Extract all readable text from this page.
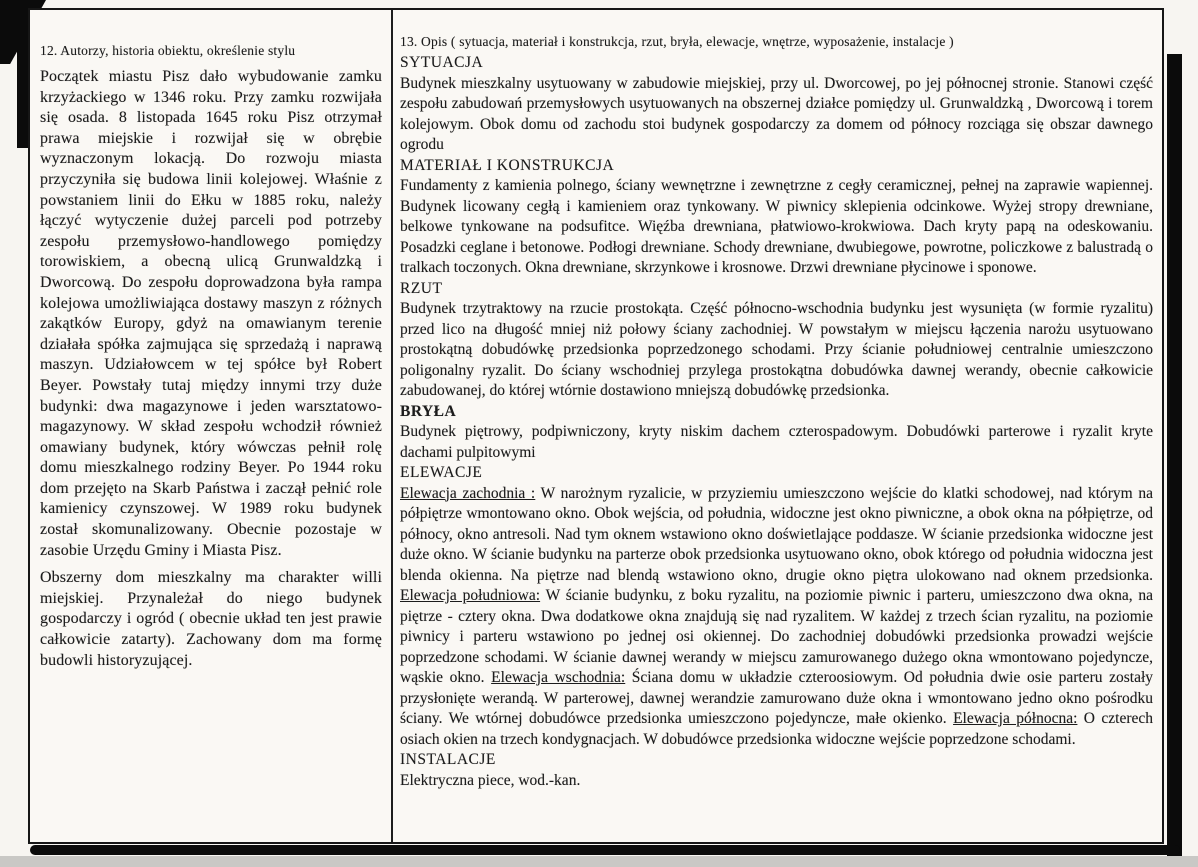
12. Autorzy, historia obiektu, określenie stylu

Początek miastu Pisz dało wybudowanie zamku krzyżackiego w 1346 roku. Przy zamku rozwijała się osada. 8 listopada 1645 roku Pisz otrzymał prawa miejskie i rozwijał się w obrębie wyznaczonym lokacją. Do rozwoju miasta przyczyniła się budowa linii kolejowej. Właśnie z powstaniem linii do Ełku w 1885 roku, należy łączyć wytyczenie dużej parceli pod potrzeby zespołu przemysłowo-handlowego pomiędzy torowiskiem, a obecną ulicą Grunwaldzką i Dworcową. Do zespołu doprowadzona była rampa kolejowa umożliwiająca dostawy maszyn z różnych zakątków Europy, gdyż na omawianym terenie działała spółka zajmująca się sprzedażą i naprawą maszyn. Udziałowcem w tej spółce był Robert Beyer. Powstały tutaj między innymi trzy duże budynki: dwa magazynowe i jeden warsztatowo-magazynowy. W skład zespołu wchodził również omawiany budynek, który wówczas pełnił rolę domu mieszkalnego rodziny Beyer. Po 1944 roku dom przejęto na Skarb Państwa i zaczął pełnić role kamienicy czynszowej. W 1989 roku budynek został skomunalizowany. Obecnie pozostaje w zasobie Urzędu Gminy i Miasta Pisz.

Obszerny dom mieszkalny ma charakter willi miejskiej. Przynależał do niego budynek gospodarczy i ogród ( obecnie układ ten jest prawie całkowicie zatarty). Zachowany dom ma formę budowli historyzującej.

13. Opis ( sytuacja, materiał i konstrukcja, rzut, bryła, elewacje, wnętrze, wyposażenie, instalacje )
SYTUACJA

Budynek mieszkalny usytuowany w zabudowie miejskiej, przy ul. Dworcowej, po jej północnej stronie. Stanowi część zespołu zabudowań przemysłowych usytuowanych na obszernej działce pomiędzy ul. Grunwaldzką , Dworcową i torem kolejowym. Obok domu od zachodu stoi budynek gospodarczy za domem od północy rozciąga się obszar dawnego ogrodu

MATERIAŁ I KONSTRUKCJA

Fundamenty z kamienia polnego, ściany wewnętrzne i zewnętrzne z cegły ceramicznej, pełnej na zaprawie wapiennej. Budynek licowany cegłą i kamieniem oraz tynkowany. W piwnicy sklepienia odcinkowe. Wyżej stropy drewniane, belkowe tynkowane na podsufitce. Więźba drewniana, płatwiowo-krokwiowa. Dach kryty papą na odeskowaniu. Posadzki ceglane i betonowe. Podłogi drewniane. Schody drewniane, dwubiegowe, powrotne, policzkowe z balustradą o tralkach toczonych. Okna drewniane, skrzynkowe i krosnowe. Drzwi drewniane płycinowe i sponowe.

RZUT

Budynek trzytraktowy na rzucie prostokąta. Część północno-wschodnia budynku jest wysunięta (w formie ryzalitu) przed lico na długość mniej niż połowy ściany zachodniej. W powstałym w miejscu łączenia narożu usytuowano prostokątną dobudówkę przedsionka poprzedzonego schodami. Przy ścianie południowej centralnie umieszczono poligonalny ryzalit. Do ściany wschodniej przylega prostokątna dobudówka dawnej werandy, obecnie całkowicie zabudowanej, do której wtórnie dostawiono mniejszą dobudówkę przedsionka.

BRYŁA

Budynek piętrowy, podpiwniczony, kryty niskim dachem czterospadowym. Dobudówki parterowe i ryzalit kryte dachami pulpitowymi

ELEWACJE

Elewacja zachodnia : W narożnym ryzalicie, w przyziemiu umieszczono wejście do klatki schodowej, nad którym na półpiętrze wmontowano okno. Obok wejścia, od południa, widoczne jest okno piwniczne, a obok okna na półpiętrze, od północy, okno antresoli. Nad tym oknem wstawiono okno doświetlające poddasze. W ścianie przedsionka widoczne jest duże okno. W ścianie budynku na parterze obok przedsionka usytuowano okno, obok którego od południa widoczna jest blenda okienna. Na piętrze nad blendą wstawiono okno, drugie okno piętra ulokowano nad oknem przedsionka. Elewacja południowa: W ścianie budynku, z boku ryzalitu, na poziomie piwnic i parteru, umieszczono dwa okna, na piętrze - cztery okna. Dwa dodatkowe okna znajdują się nad ryzalitem. W każdej z trzech ścian ryzalitu, na poziomie piwnicy i parteru wstawiono po jednej osi okiennej. Do zachodniej dobudówki przedsionka prowadzi wejście poprzedzone schodami. W ścianie dawnej werandy w miejscu zamurowanego dużego okna wmontowano pojedyncze, wąskie okno. Elewacja wschodnia: Ściana domu w układzie czteroosiowym. Od południa dwie osie parteru zostały przysłonięte werandą. W parterowej, dawnej werandzie zamurowano duże okna i wmontowano jedno okno pośrodku ściany. We wtórnej dobudówce przedsionka umieszczono pojedyncze, małe okienko. Elewacja północna: O czterech osiach okien na trzech kondygnacjach. W dobudówce przedsionka widoczne wejście poprzedzone schodami.

INSTALACJE

Elektryczna piece, wod.-kan.
